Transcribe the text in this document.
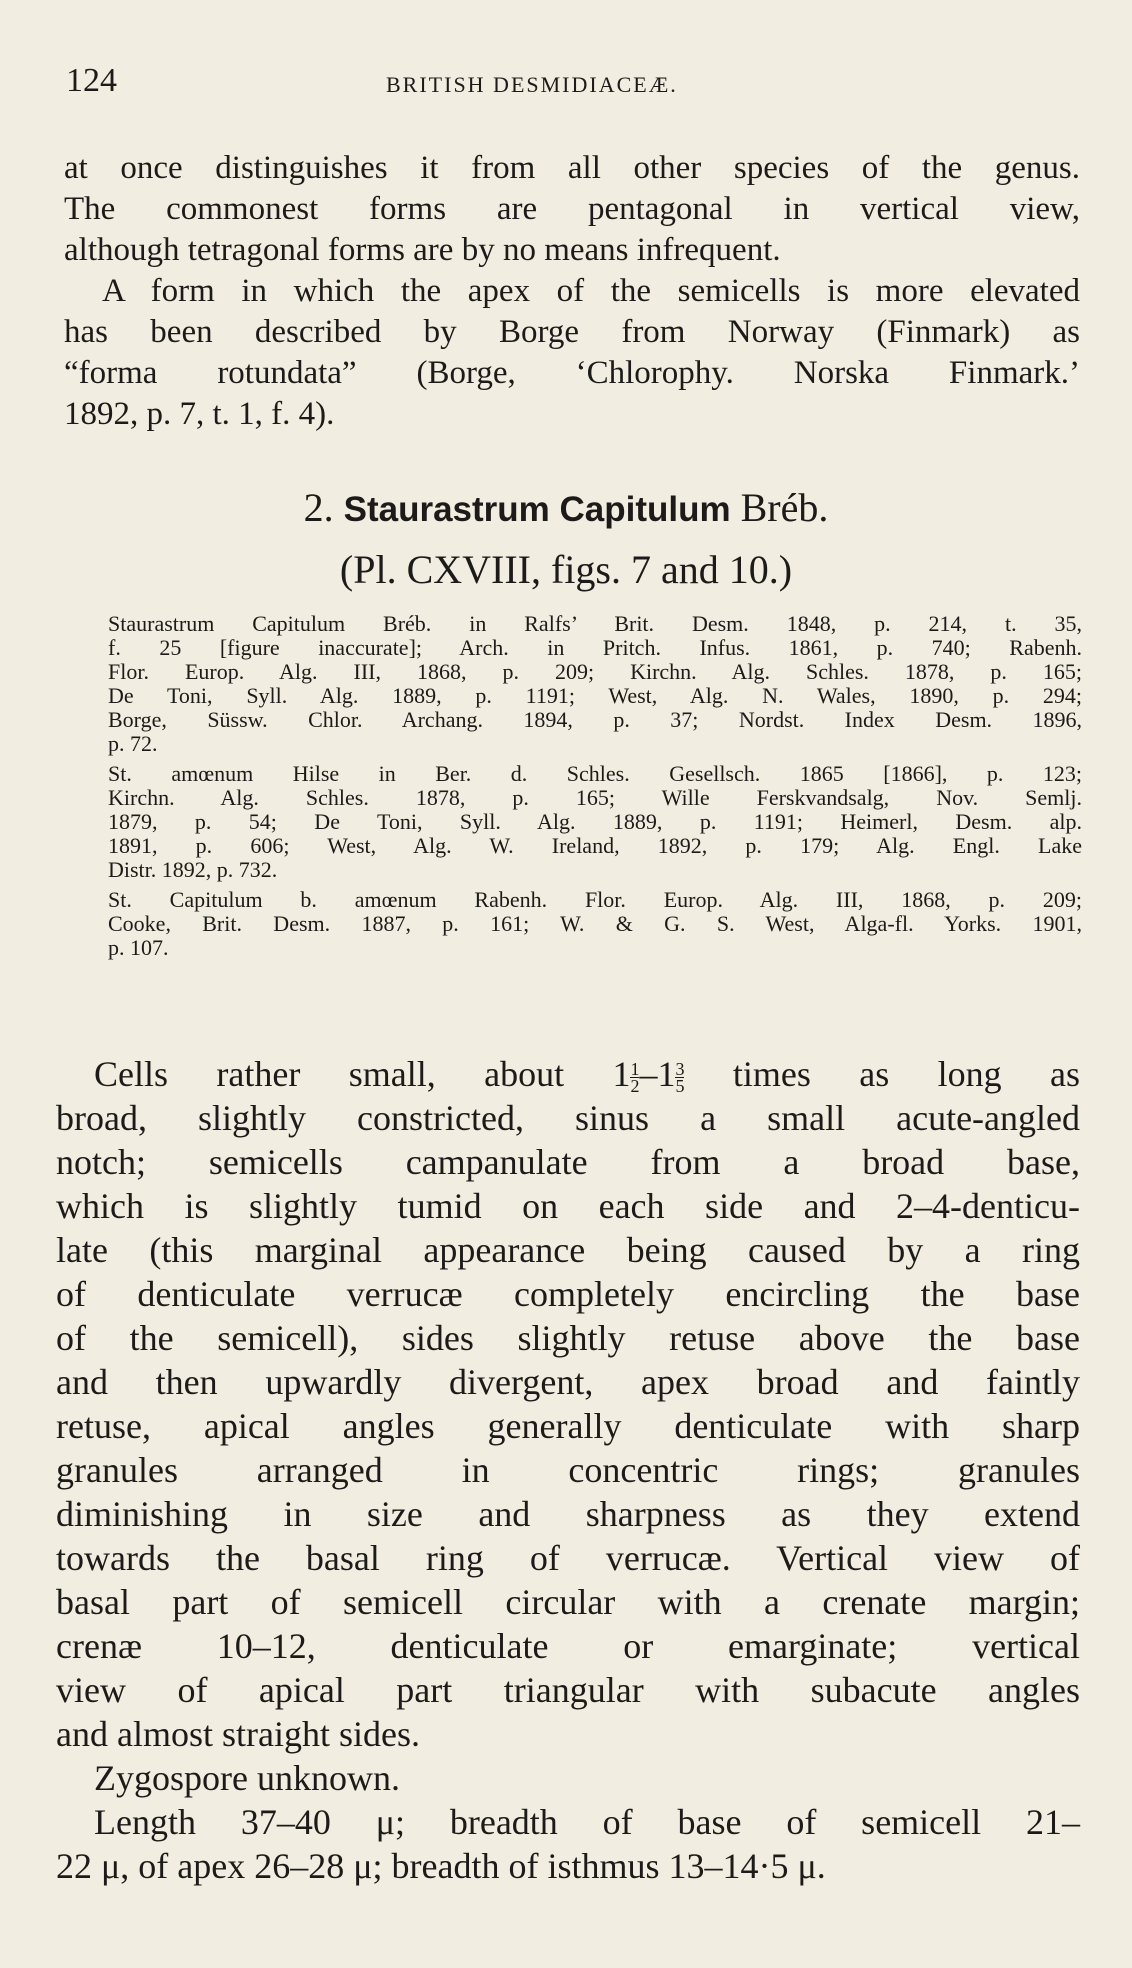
124	BRITISH DESMIDIACEÆ.
at once distinguishes it from all other species of the genus.
The commonest forms are pentagonal in vertical view,
although tetragonal forms are by no means infrequent.
A form in which the apex of the semicells is more elevated
has been described by Borge from Norway (Finmark) as
“forma rotundata” (Borge, ‘Chlorophy. Norska Finmark.’
1892, p. 7, t. 1, f. 4).
2. Staurastrum Capitulum Bréb.
(Pl. CXVIII, figs. 7 and 10.)
Staurastrum Capitulum Bréb. in Ralfs’ Brit. Desm. 1848, p. 214, t. 35,
f. 25 [figure inaccurate]; Arch. in Pritch. Infus. 1861, p. 740; Rabenh.
Flor. Europ. Alg. III, 1868, p. 209; Kirchn. Alg. Schles. 1878, p. 165;
De Toni, Syll. Alg. 1889, p. 1191; West, Alg. N. Wales, 1890, p. 294;
Borge, Süssw. Chlor. Archang. 1894, p. 37; Nordst. Index Desm. 1896,
p. 72.
St. amœnum Hilse in Ber. d. Schles. Gesellsch. 1865 [1866], p. 123;
Kirchn. Alg. Schles. 1878, p. 165; Wille Ferskvandsalg, Nov. Semlj.
1879, p. 54; De Toni, Syll. Alg. 1889, p. 1191; Heimerl, Desm. alp.
1891, p. 606; West, Alg. W. Ireland, 1892, p. 179; Alg. Engl. Lake
Distr. 1892, p. 732.
St. Capitulum b. amœnum Rabenh. Flor. Europ. Alg. III, 1868, p. 209;
Cooke, Brit. Desm. 1887, p. 161; W. & G. S. West, Alga-fl. Yorks. 1901,
p. 107.
Cells rather small, about $1 \frac{1}{2} -1 \frac{3}{5}$ times as long as
broad, slightly constricted, sinus a small acute-angled
notch; semicells campanulate from a broad base,
which is slightly tumid on each side and 2–4-denticu-
late (this marginal appearance being caused by a ring
of denticulate verrucæ completely encircling the base
of the semicell), sides slightly retuse above the base
and then upwardly divergent, apex broad and faintly
retuse, apical angles generally denticulate with sharp
granules arranged in concentric rings; granules
diminishing in size and sharpness as they extend
towards the basal ring of verrucæ. Vertical view of
basal part of semicell circular with a crenate margin;
crenæ 10–12, denticulate or emarginate; vertical
view of apical part triangular with subacute angles
and almost straight sides.
Zygospore unknown.
Length 37–40 μ; breadth of base of semicell 21–
22 μ, of apex 26–28 μ; breadth of isthmus 13–14·5 μ.
